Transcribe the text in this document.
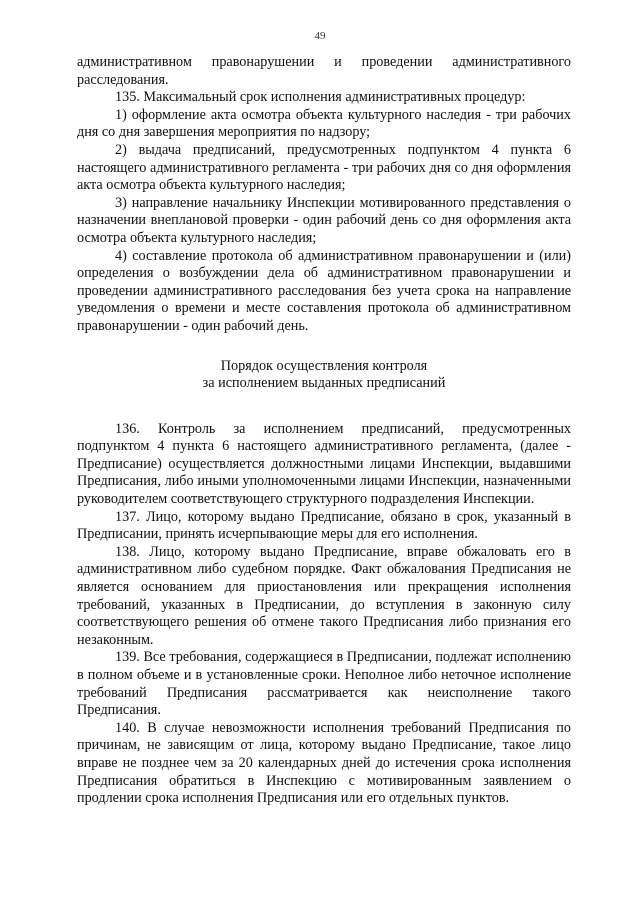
49

административном правонарушении и проведении административного расследования.

135. Максимальный срок исполнения административных процедур:

1) оформление акта осмотра объекта культурного наследия - три рабочих дня со дня завершения мероприятия по надзору;

2) выдача предписаний, предусмотренных подпунктом 4 пункта 6 настоящего административного регламента - три рабочих дня со дня оформления акта осмотра объекта культурного наследия;

3) направление начальнику Инспекции мотивированного представления о назначении внеплановой проверки - один рабочий день со дня оформления акта осмотра объекта культурного наследия;

4) составление протокола об административном правонарушении и (или) определения о возбуждении дела об административном правонарушении и проведении административного расследования без учета срока на направление уведомления о времени и месте составления протокола об административном правонарушении - один рабочий день.

Порядок осуществления контроля
за исполнением выданных предписаний

136. Контроль за исполнением предписаний, предусмотренных подпунктом 4 пункта 6 настоящего административного регламента, (далее - Предписание) осуществляется должностными лицами Инспекции, выдавшими Предписания, либо иными уполномоченными лицами Инспекции, назначенными руководителем соответствующего структурного подразделения Инспекции.

137. Лицо, которому выдано Предписание, обязано в срок, указанный в Предписании, принять исчерпывающие меры для его исполнения.

138. Лицо, которому выдано Предписание, вправе обжаловать его в административном либо судебном порядке. Факт обжалования Предписания не является основанием для приостановления или прекращения исполнения требований, указанных в Предписании, до вступления в законную силу соответствующего решения об отмене такого Предписания либо признания его незаконным.

139. Все требования, содержащиеся в Предписании, подлежат исполнению в полном объеме и в установленные сроки. Неполное либо неточное исполнение требований Предписания рассматривается как неисполнение такого Предписания.

140. В случае невозможности исполнения требований Предписания по причинам, не зависящим от лица, которому выдано Предписание, такое лицо вправе не позднее чем за 20 календарных дней до истечения срока исполнения Предписания обратиться в Инспекцию с мотивированным заявлением о продлении срока исполнения Предписания или его отдельных пунктов.
